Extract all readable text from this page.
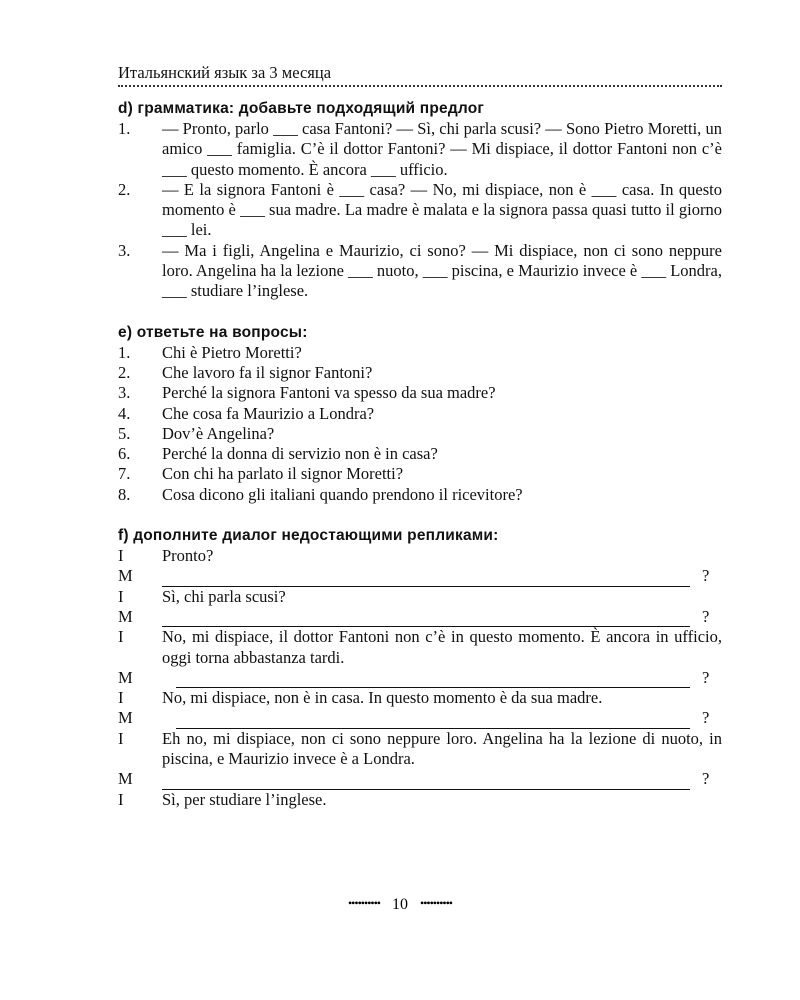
Итальянский язык за 3 месяца
d) грамматика: добавьте подходящий предлог
1.	— Pronto, parlo ___ casa Fantoni? — Sì, chi parla scusi? — Sono Pietro Moretti, un amico ___ famiglia. C’è il dottor Fantoni? — Mi dispiace, il dottor Fantoni non c’è ___ questo momento. È ancora ___ ufficio.
2.	— E la signora Fantoni è ___ casa? — No, mi dispiace, non è ___ casa. In questo momento è ___ sua madre. La madre è malata e la signora passa quasi tutto il giorno ___ lei.
3.	— Ma i figli, Angelina e Maurizio, ci sono? — Mi dispiace, non ci sono neppure loro. Angelina ha la lezione ___ nuoto, ___ piscina, e Maurizio invece è ___ Londra, ___ studiare l’inglese.
e) ответьте на вопросы:
1.	Chi è Pietro Moretti?
2.	Che lavoro fa il signor Fantoni?
3.	Perché la signora Fantoni va spesso da sua madre?
4.	Che cosa fa Maurizio a Londra?
5.	Dov’è Angelina?
6.	Perché la donna di servizio non è in casa?
7.	Con chi ha parlato il signor Moretti?
8.	Cosa dicono gli italiani quando prendono il ricevitore?
f) дополните диалог недостающими репликами:
I	Pronto?
M	?
I	Sì, chi parla scusi?
M	?
I	No, mi dispiace, il dottor Fantoni non c’è in questo momento. È ancora in ufficio, oggi torna abbastanza tardi.
M	?
I	No, mi dispiace, non è in casa. In questo momento è da sua madre.
M	?
I	Eh no, mi dispiace, non ci sono neppure loro. Angelina ha la lezione di nuoto, in piscina, e Maurizio invece è a Londra.
M	?
I	Sì, per studiare l’inglese.
•••••••••• 10 ••••••••••
